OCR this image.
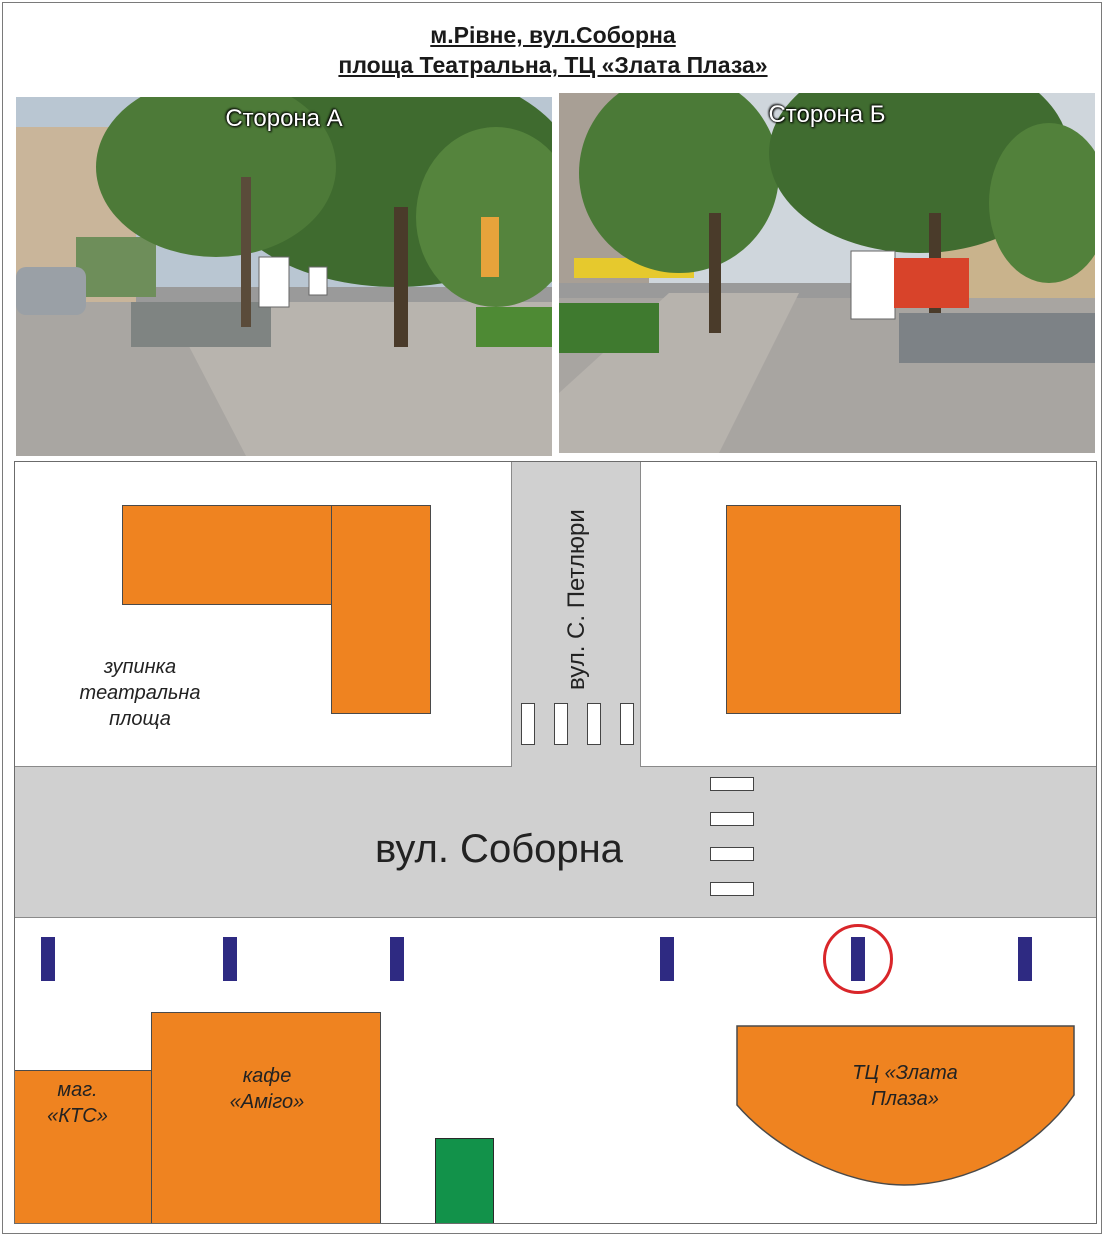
м.Рівне, вул.Соборна
площа Театральна, ТЦ «Злата Плаза»
Сторона А	Сторона Б
вул. Соборна
вул. С. Петлюри
зупинка
театральна
площа
маг.
«КТС»
кафе
«Аміго»
ТЦ «Злата
Плаза»
